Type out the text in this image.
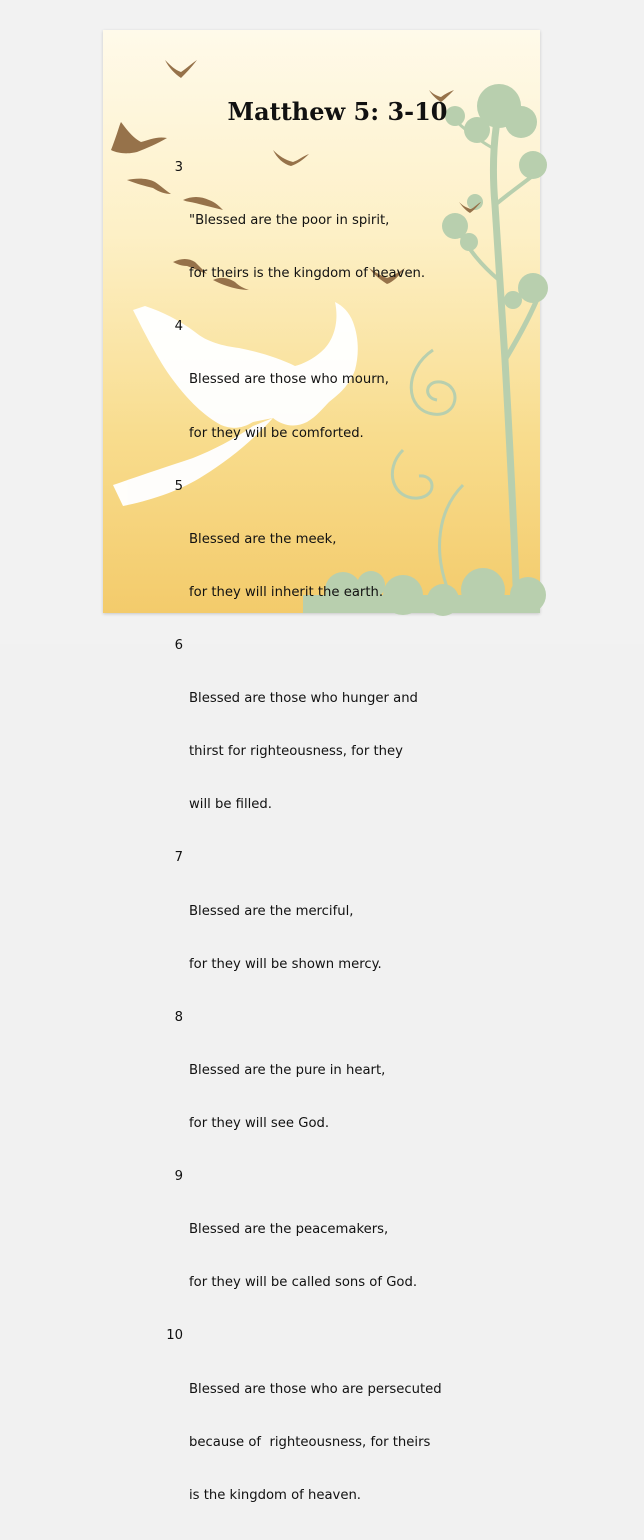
Matthew 5: 3-10

3

"Blessed are the poor in spirit,

for theirs is the kingdom of heaven.

4

Blessed are those who mourn,

for they will be comforted.

5

Blessed are the meek,

for they will inherit the earth.

6

Blessed are those who hunger and

thirst for righteousness, for they

will be filled.

7

Blessed are the merciful,

for they will be shown mercy.

8

Blessed are the pure in heart,

for they will see God.

9

Blessed are the peacemakers,

for they will be called sons of God.

10

Blessed are those who are persecuted

because of  righteousness, for theirs

is the kingdom of heaven.
